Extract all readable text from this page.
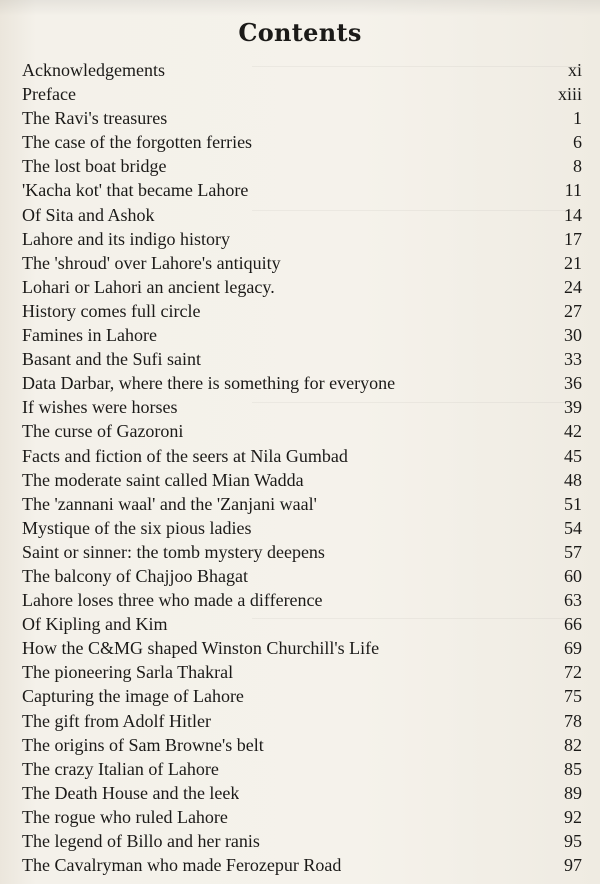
Contents
Acknowledgements	xi
Preface	xiii
The Ravi's treasures	1
The case of the forgotten ferries	6
The lost boat bridge	8
'Kacha kot' that became Lahore	11
Of Sita and Ashok	14
Lahore and its indigo history	17
The 'shroud' over Lahore's antiquity	21
Lohari or Lahori an ancient legacy.	24
History comes full circle	27
Famines in Lahore	30
Basant and the Sufi saint	33
Data Darbar, where there is something for everyone	36
If wishes were horses	39
The curse of Gazoroni	42
Facts and fiction of the seers at Nila Gumbad	45
The moderate saint called Mian Wadda	48
The 'zannani waal' and the 'Zanjani waal'	51
Mystique of the six pious ladies	54
Saint or sinner: the tomb mystery deepens	57
The balcony of Chajjoo Bhagat	60
Lahore loses three who made a difference	63
Of Kipling and Kim	66
How the C&MG shaped Winston Churchill's Life	69
The pioneering Sarla Thakral	72
Capturing the image of Lahore	75
The gift from Adolf Hitler	78
The origins of Sam Browne's belt	82
The crazy Italian of Lahore	85
The Death House and the leek	89
The rogue who ruled Lahore	92
The legend of Billo and her ranis	95
The Cavalryman who made Ferozepur Road	97
